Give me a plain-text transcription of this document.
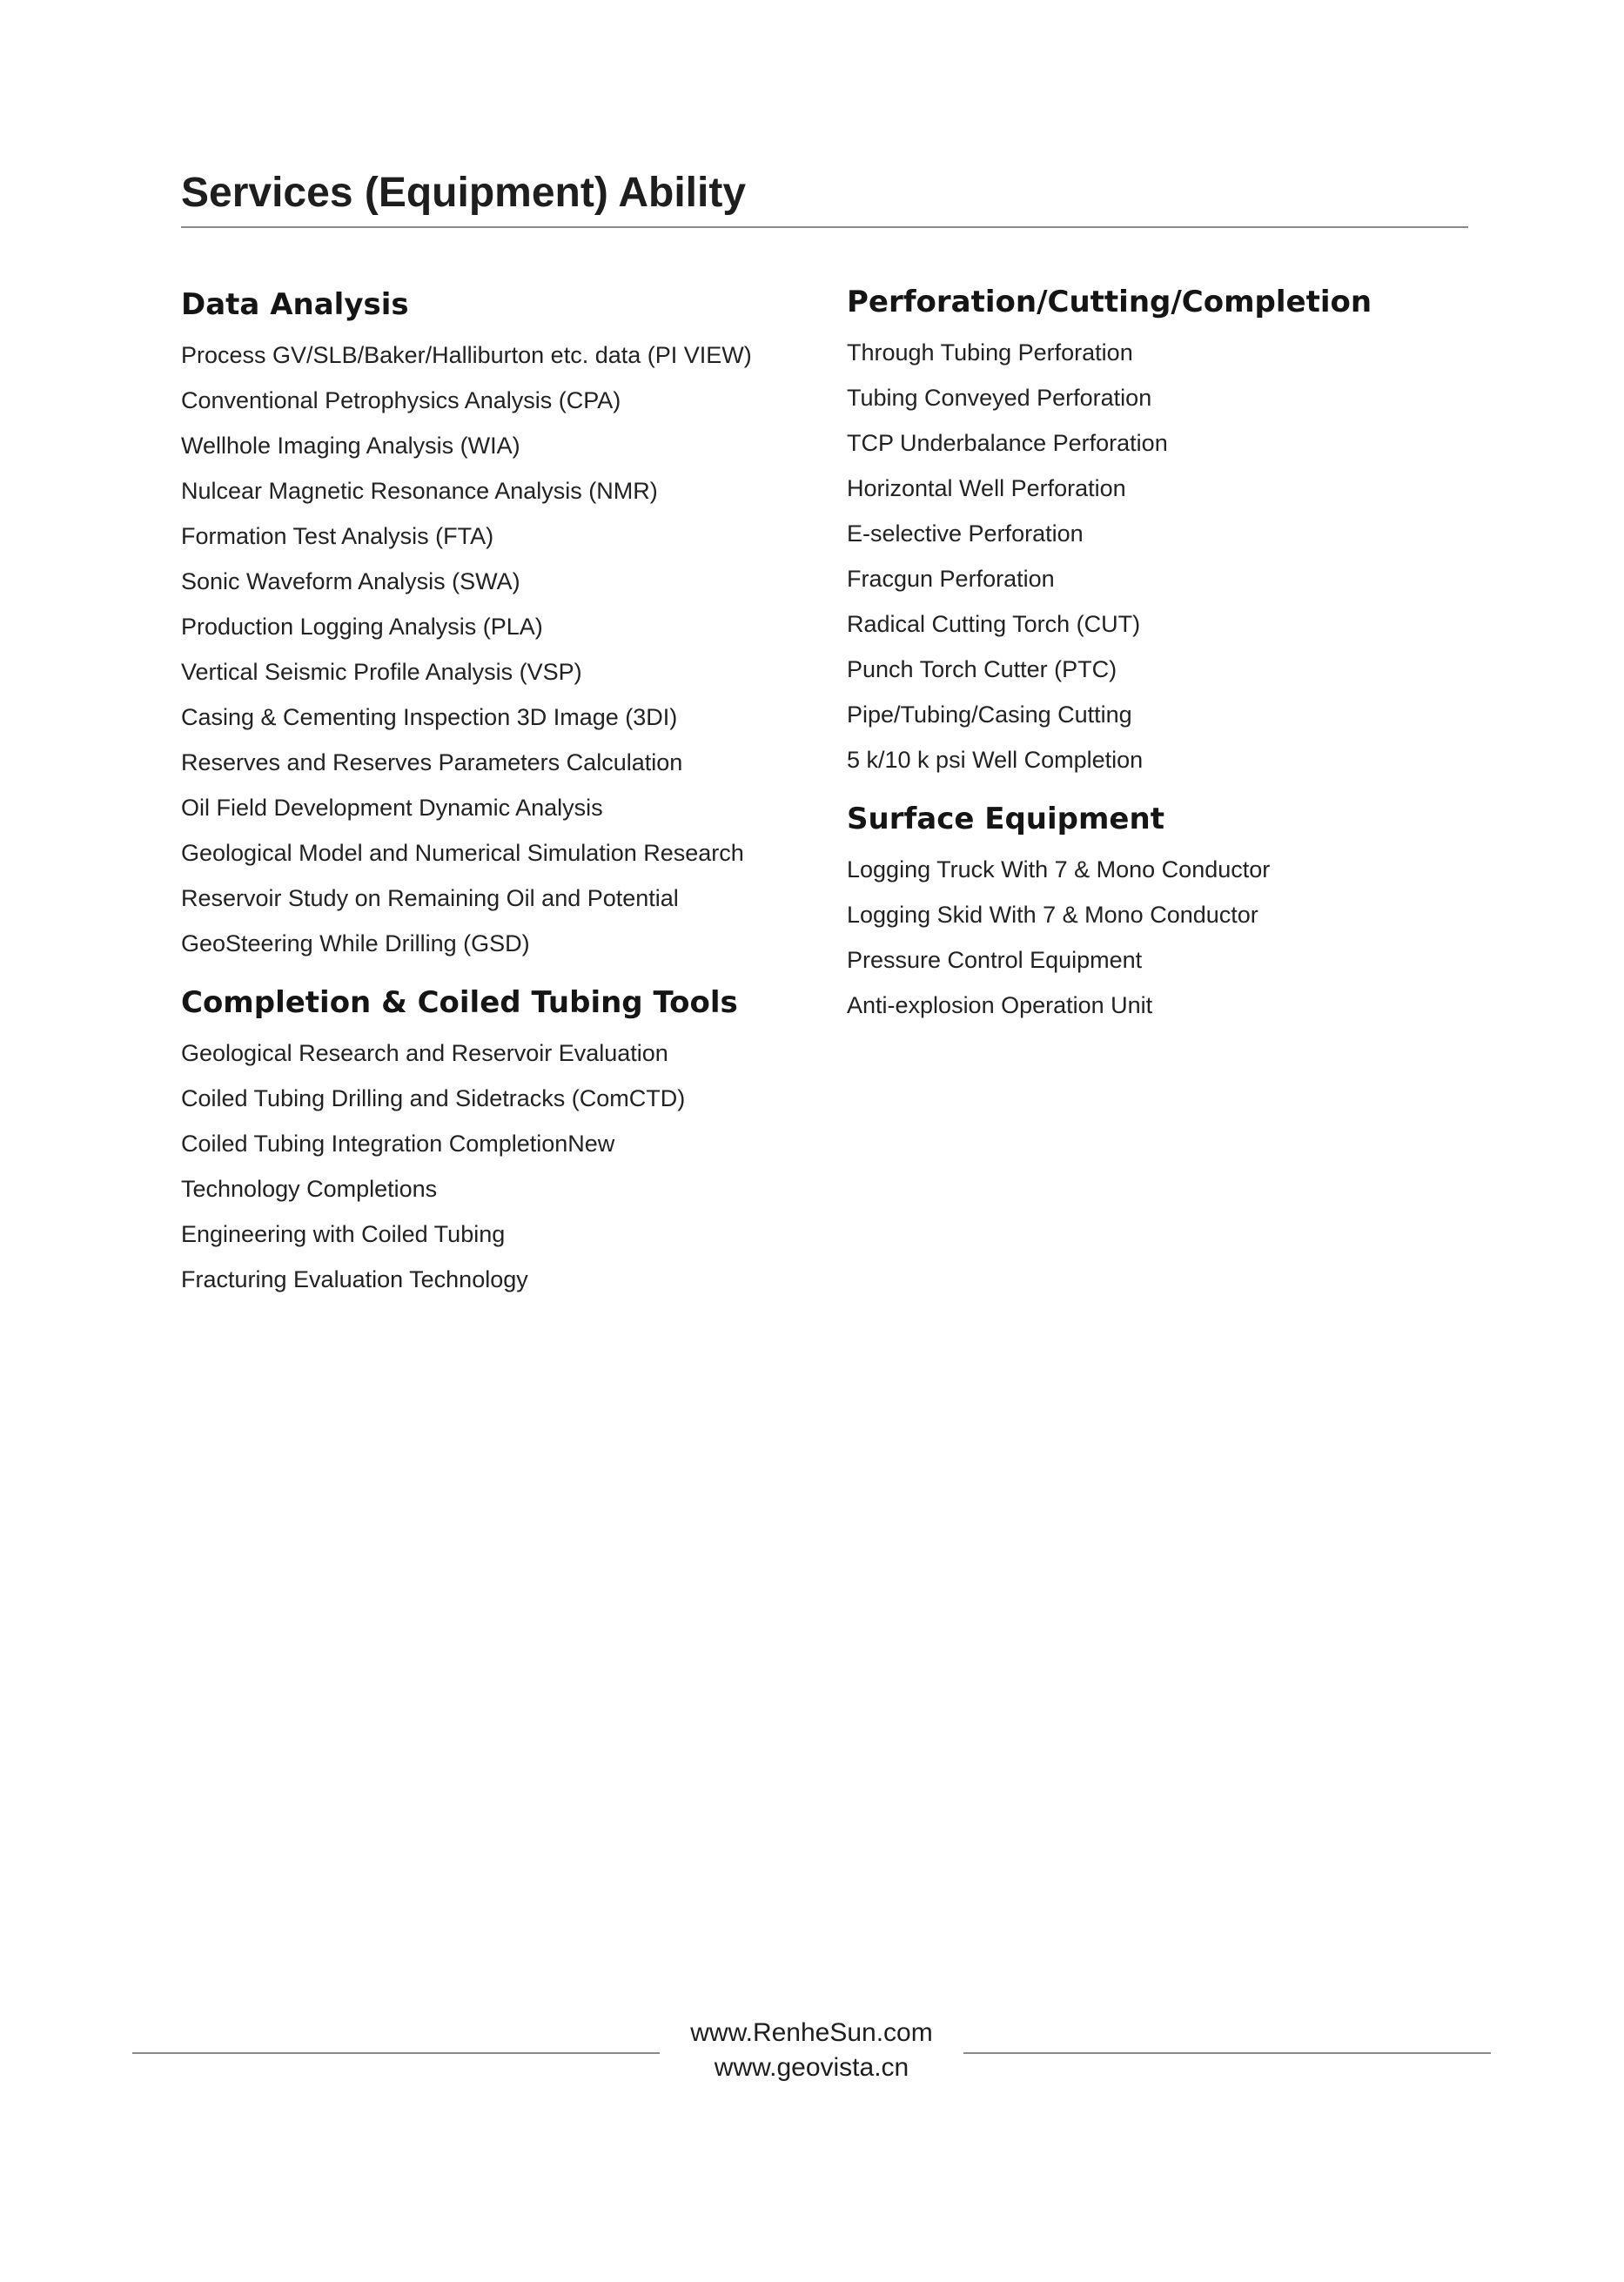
Services (Equipment) Ability
Data Analysis
Process GV/SLB/Baker/Halliburton etc. data (PI VIEW)
Conventional Petrophysics Analysis (CPA)
Wellhole Imaging Analysis (WIA)
Nulcear Magnetic Resonance Analysis (NMR)
Formation Test Analysis (FTA)
Sonic Waveform Analysis (SWA)
Production Logging Analysis (PLA)
Vertical Seismic Profile Analysis (VSP)
Casing & Cementing Inspection 3D Image (3DI)
Reserves and Reserves Parameters Calculation
Oil Field Development Dynamic Analysis
Geological Model and Numerical Simulation Research
Reservoir Study on Remaining Oil and Potential
GeoSteering While Drilling (GSD)
Completion & Coiled Tubing Tools
Geological Research and Reservoir Evaluation
Coiled Tubing Drilling and Sidetracks (ComCTD)
Coiled Tubing Integration CompletionNew
Technology Completions
Engineering with Coiled Tubing
Fracturing Evaluation Technology
Perforation/Cutting/Completion
Through Tubing Perforation
Tubing Conveyed Perforation
TCP Underbalance Perforation
Horizontal Well Perforation
E-selective Perforation
Fracgun Perforation
Radical Cutting Torch (CUT)
Punch Torch Cutter (PTC)
Pipe/Tubing/Casing Cutting
5 k/10 k psi Well Completion
Surface Equipment
Logging Truck With 7 & Mono Conductor
Logging Skid With 7 & Mono Conductor
Pressure Control Equipment
Anti-explosion Operation Unit
www.RenheSun.com
www.geovista.cn
